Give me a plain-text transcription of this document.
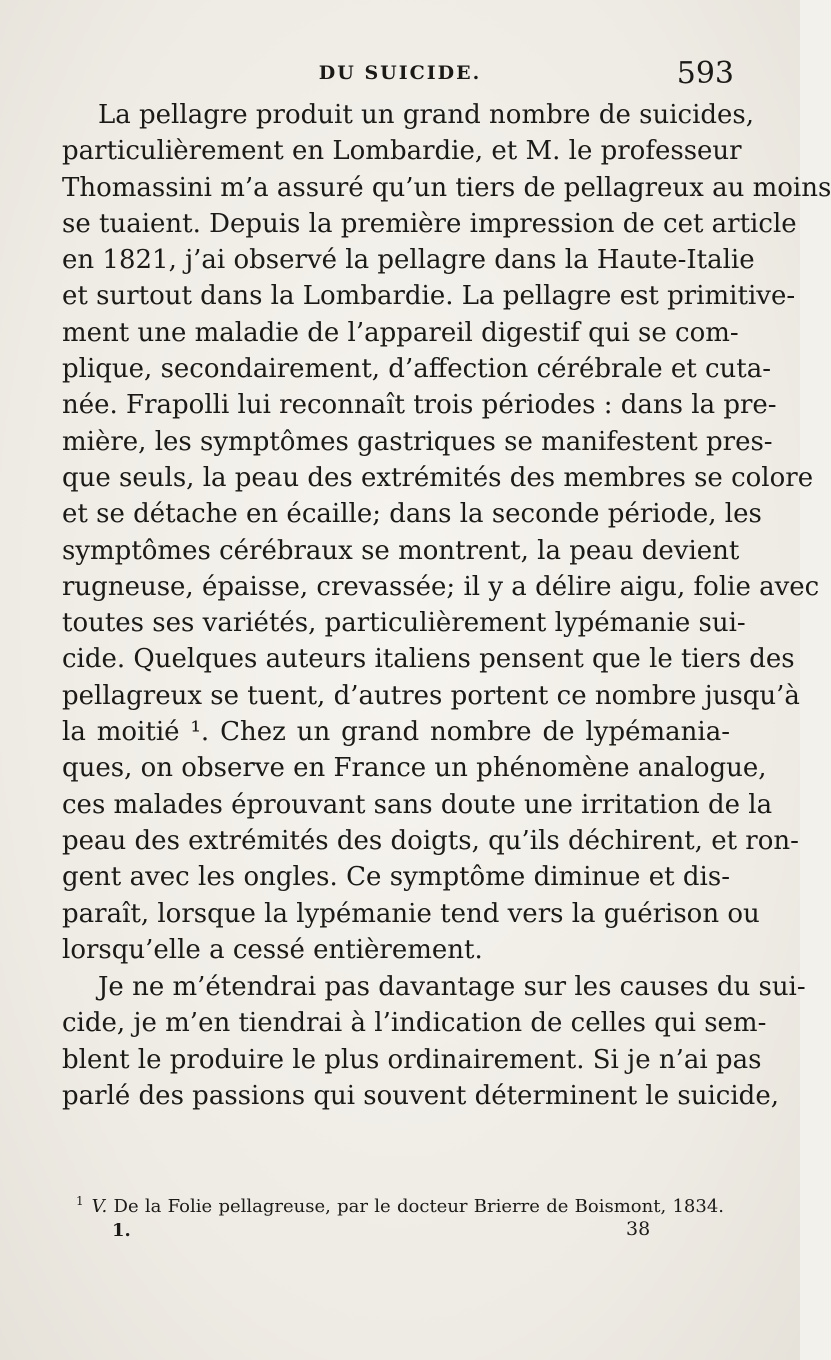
DU SUICIDE.	593
La pellagre produit un grand nombre de suicides,
particulièrement en Lombardie, et M. le professeur
Thomassini m’a assuré qu’un tiers de pellagreux au moins
se tuaient. Depuis la première impression de cet article
en 1821, j’ai observé la pellagre dans la Haute-Italie
et surtout dans la Lombardie. La pellagre est primitive-
ment une maladie de l’appareil digestif qui se com-
plique, secondairement, d’affection cérébrale et cuta-
née. Frapolli lui reconnaît trois périodes : dans la pre-
mière, les symptômes gastriques se manifestent pres-
que seuls, la peau des extrémités des membres se colore
et se détache en écaille; dans la seconde période, les
symptômes cérébraux se montrent, la peau devient
rugneuse, épaisse, crevassée; il y a délire aigu, folie avec
toutes ses variétés, particulièrement lypémanie sui-
cide. Quelques auteurs italiens pensent que le tiers des
pellagreux se tuent, d’autres portent ce nombre jusqu’à
la moitié ¹. Chez un grand nombre de lypémania-
ques, on observe en France un phénomène analogue,
ces malades éprouvant sans doute une irritation de la
peau des extrémités des doigts, qu’ils déchirent, et ron-
gent avec les ongles. Ce symptôme diminue et dis-
paraît, lorsque la lypémanie tend vers la guérison ou
lorsqu’elle a cessé entièrement.
Je ne m’étendrai pas davantage sur les causes du sui-
cide, je m’en tiendrai à l’indication de celles qui sem-
blent le produire le plus ordinairement. Si je n’ai pas
parlé des passions qui souvent déterminent le suicide,
$^1$ V. De la Folie pellagreuse, par le docteur Brierre de Boismont, 1834.
1.	38
